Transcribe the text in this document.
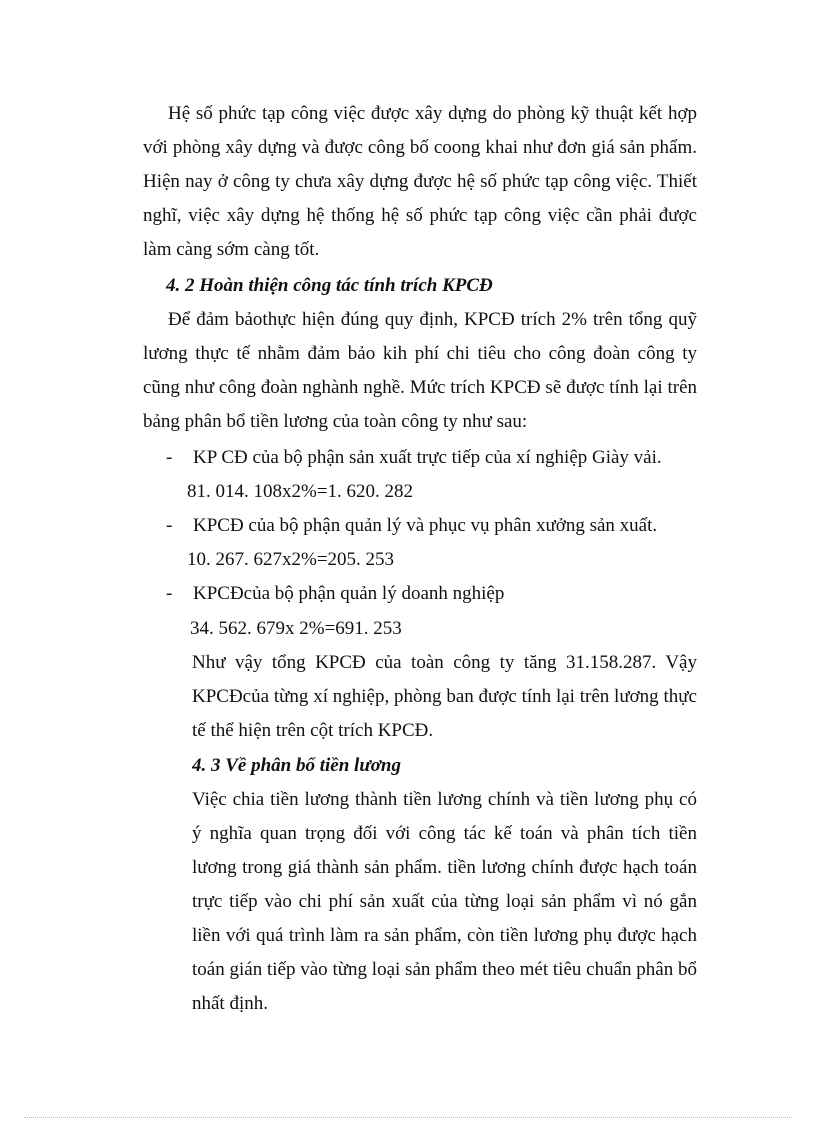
Hệ số phức tạp công việc được xây dựng do phòng kỹ thuật kết hợp với phòng xây dựng và được công bố coong khai như đơn giá sản phẩm. Hiện nay ở công ty chưa xây dựng được hệ số phức tạp công việc. Thiết nghĩ, việc xây dựng hệ thống hệ số phức tạp công việc cần phải được làm càng sớm càng tốt.

4. 2 Hoàn thiện công tác tính trích KPCĐ

Để đảm bảothực hiện đúng quy định, KPCĐ trích 2% trên tổng quỹ lương thực tế nhằm đảm bảo kih phí chi tiêu cho công đoàn công ty cũng như công đoàn nghành nghề. Mức trích KPCĐ sẽ được tính lại trên bảng phân bổ tiền lương của toàn công ty như sau:

- KP CĐ của bộ phận sản xuất trực tiếp của xí nghiệp Giày vải.
81. 014. 108x2%=1. 620. 282
- KPCĐ của bộ phận quản lý và phục vụ phân xưởng sản xuất.
10. 267. 627x2%=205. 253
- KPCĐcủa bộ phận quản lý doanh nghiệp
34. 562. 679x 2%=691. 253

Như vậy tổng KPCĐ của toàn công ty tăng 31.158.287. Vậy KPCĐcủa từng xí nghiệp, phòng ban được tính lại trên lương thực tế thể hiện trên cột trích KPCĐ.

4. 3 Về phân bổ tiền lương

Việc chia tiền lương thành tiền lương chính và tiền lương phụ có ý nghĩa quan trọng đối với công tác kế toán và phân tích tiền lương trong giá thành sản phẩm. tiền lương chính được hạch toán trực tiếp vào chi phí sản xuất của từng loại sản phẩm vì nó gắn liền với quá trình làm ra sản phẩm, còn tiền lương phụ được hạch toán gián tiếp vào từng loại sản phẩm theo mét tiêu chuẩn phân bổ nhất định.
